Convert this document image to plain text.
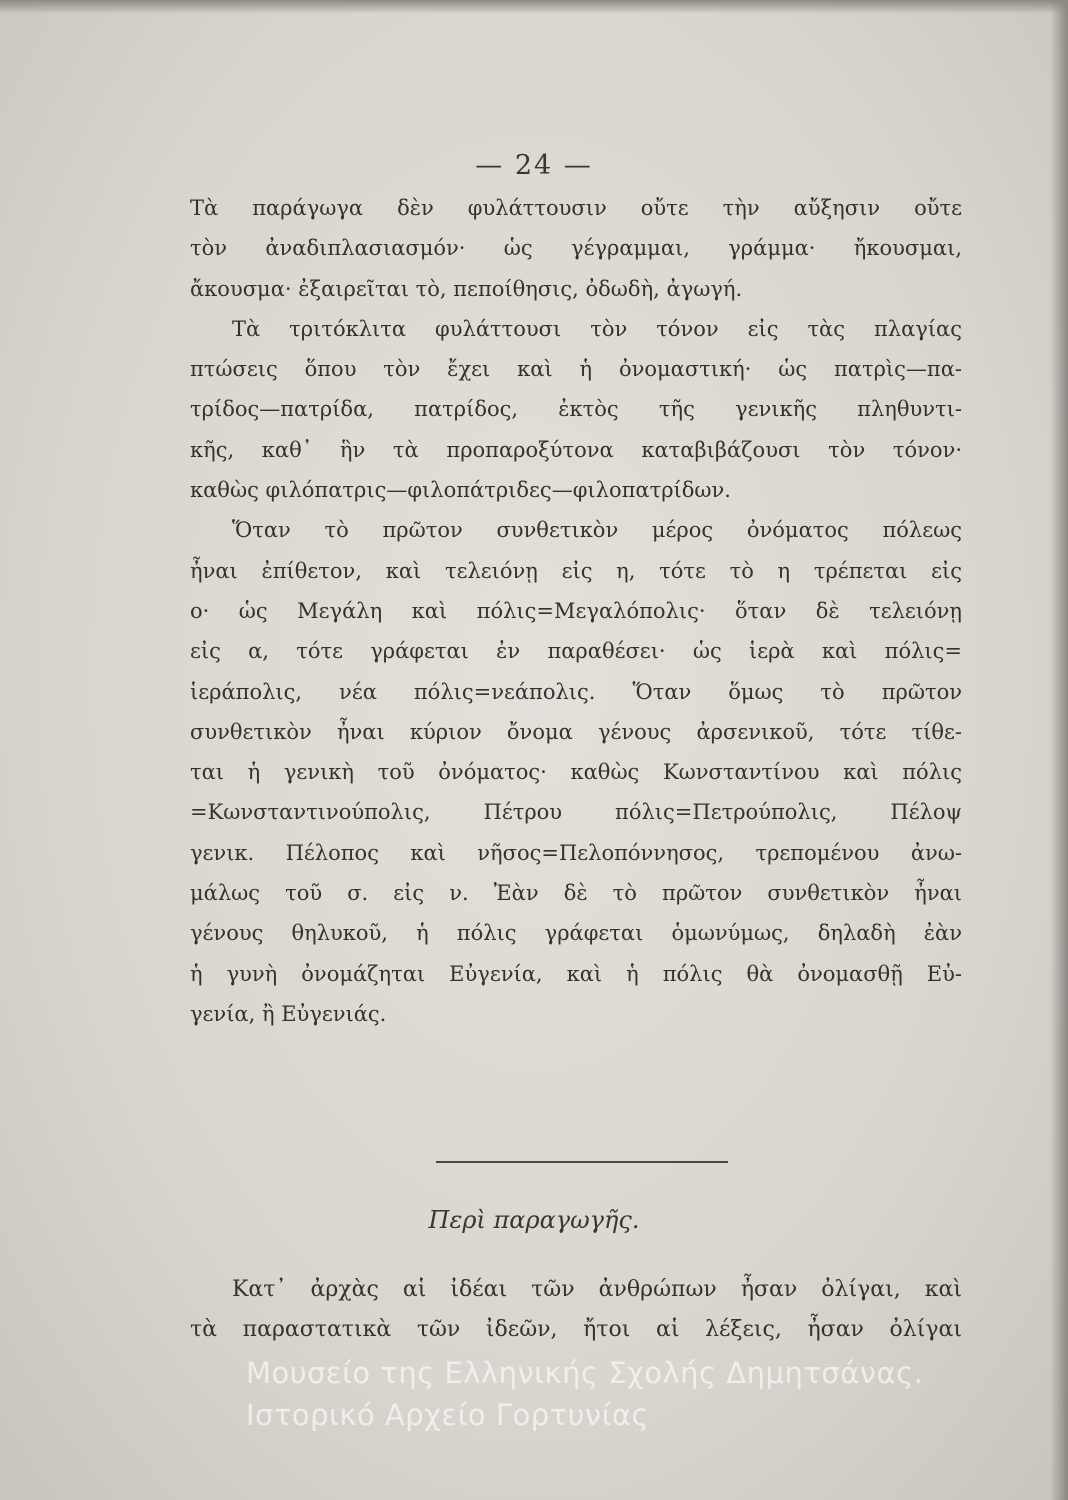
— 24 —
Τὰ παράγωγα δὲν φυλάττουσιν οὔτε τὴν αὔξησιν οὔτε
τὸν ἀναδιπλασιασμόν· ὡς γέγραμμαι, γράμμα· ἤκουσμαι,
ἄκουσμα· ἐξαιρεῖται τὸ, πεποίθησις, ὀδωδὴ, ἀγωγή.
Τὰ τριτόκλιτα φυλάττουσι τὸν τόνον εἰς τὰς πλαγίας
πτώσεις ὅπου τὸν ἔχει καὶ ἡ ὀνομαστική· ὡς πατρὶς—πα-
τρίδος—πατρίδα, πατρίδος, ἐκτὸς τῆς γενικῆς πληθυντι-
κῆς, καθ᾽ ἣν τὰ προπαροξύτονα καταβιβάζουσι τὸν τόνον·
καθὼς φιλόπατρις—φιλοπάτριδες—φιλοπατρίδων.
Ὅταν τὸ πρῶτον συνθετικὸν μέρος ὀνόματος πόλεως
ἦναι ἐπίθετον, καὶ τελειόνῃ εἰς η, τότε τὸ η τρέπεται εἰς
ο· ὡς Μεγάλη καὶ πόλις=Μεγαλόπολις· ὅταν δὲ τελειόνῃ
εἰς α, τότε γράφεται ἐν παραθέσει· ὡς ἱερὰ καὶ πόλις=
ἱεράπολις, νέα πόλις=νεάπολις. Ὅταν ὅμως τὸ πρῶτον
συνθετικὸν ἦναι κύριον ὄνομα γένους ἀρσενικοῦ, τότε τίθε-
ται ἡ γενικὴ τοῦ ὀνόματος· καθὼς Κωνσταντίνου καὶ πόλις
=Κωνσταντινούπολις, Πέτρου πόλις=Πετρούπολις, Πέλοψ
γενικ. Πέλοπος καὶ νῆσος=Πελοπόννησος, τρεπομένου ἀνω-
μάλως τοῦ σ. εἰς ν. Ἐὰν δὲ τὸ πρῶτον συνθετικὸν ἦναι
γένους θηλυκοῦ, ἡ πόλις γράφεται ὁμωνύμως, δηλαδὴ ἐὰν
ἡ γυνὴ ὀνομάζηται Εὐγενία, καὶ ἡ πόλις θὰ ὀνομασθῇ Εὐ-
γενία, ἢ Εὐγενιάς.
Περὶ παραγωγῆς.
Κατ᾽ ἀρχὰς αἱ ἰδέαι τῶν ἀνθρώπων ἦσαν ὀλίγαι, καὶ
τὰ παραστατικὰ τῶν ἰδεῶν, ἤτοι αἱ λέξεις, ἦσαν ὀλίγαι
Μουσείο της Ελληνικής Σχολής Δημητσάνας.
Ιστορικό Αρχείο Γορτυνίας
